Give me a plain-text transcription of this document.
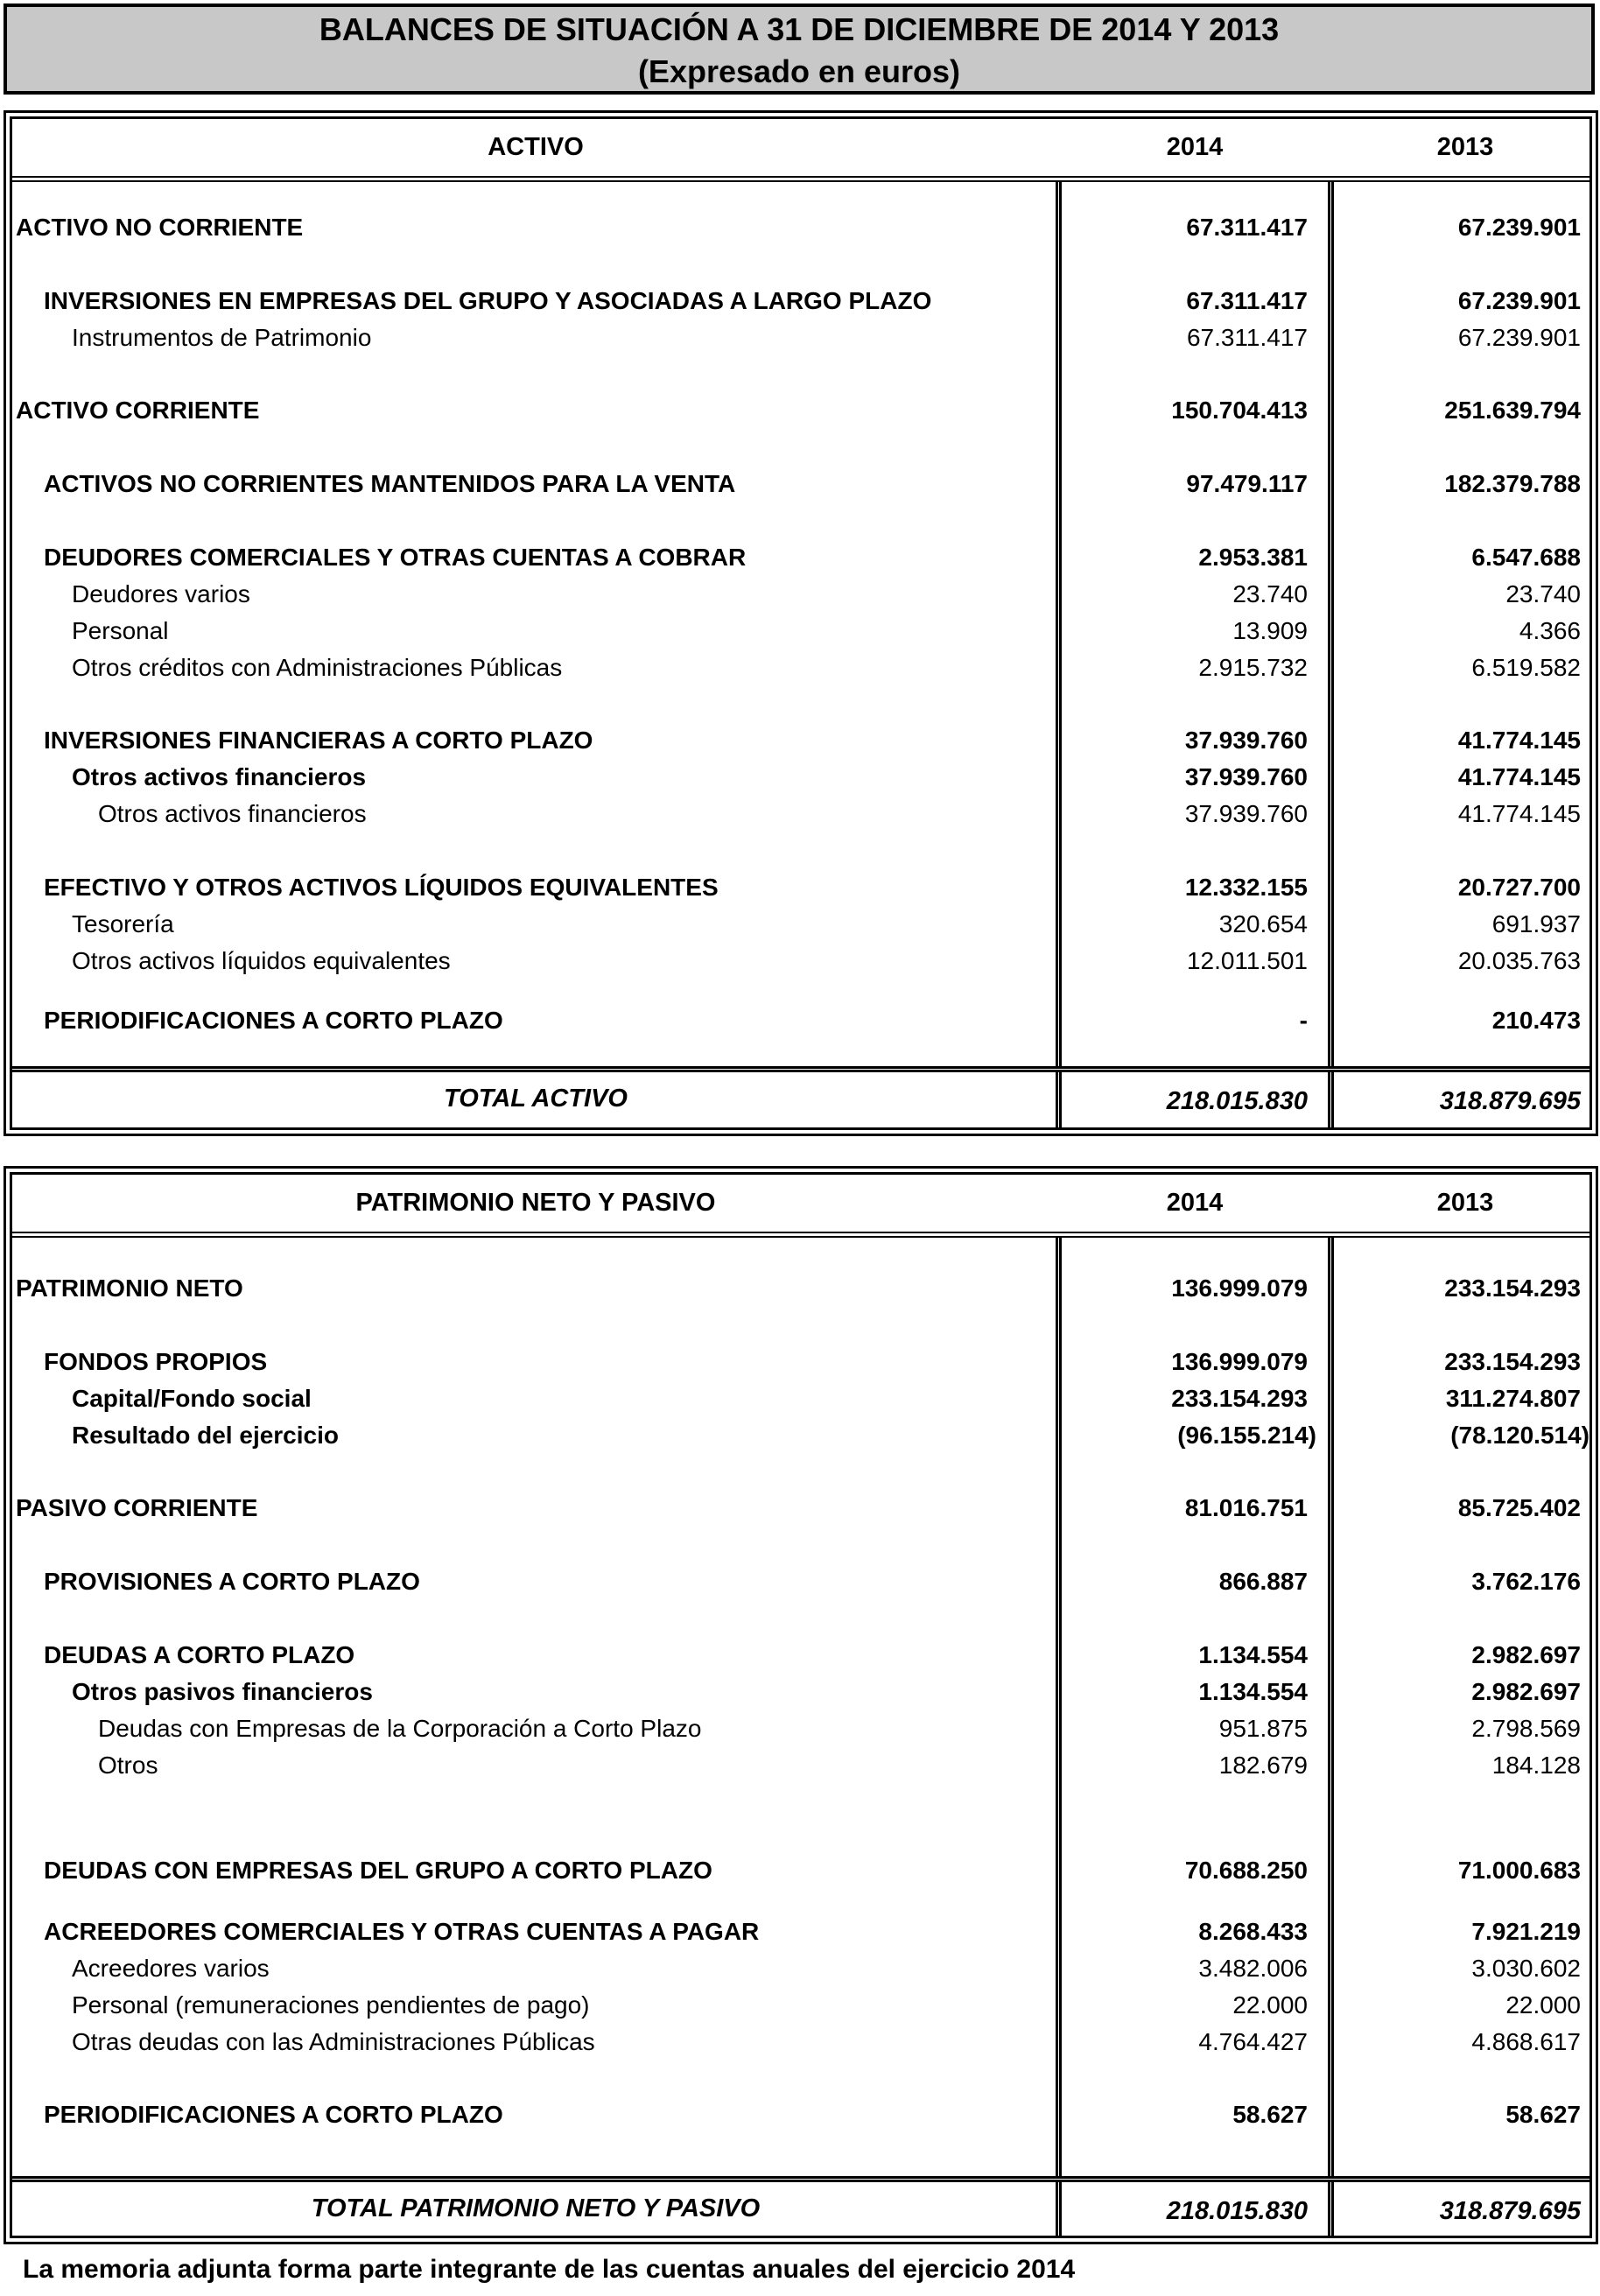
BALANCES DE SITUACIÓN A 31 DE DICIEMBRE DE 2014 Y 2013
(Expresado en euros)
ACTIVO	2014	2013
ACTIVO NO CORRIENTE	67.311.417	67.239.901
INVERSIONES EN EMPRESAS DEL GRUPO Y ASOCIADAS A LARGO PLAZO	67.311.417	67.239.901
Instrumentos de Patrimonio	67.311.417	67.239.901
ACTIVO CORRIENTE	150.704.413	251.639.794
ACTIVOS NO CORRIENTES MANTENIDOS PARA LA VENTA	97.479.117	182.379.788
DEUDORES COMERCIALES Y OTRAS CUENTAS A COBRAR	2.953.381	6.547.688
Deudores varios	23.740	23.740
Personal	13.909	4.366
Otros créditos con Administraciones Públicas	2.915.732	6.519.582
INVERSIONES FINANCIERAS A CORTO PLAZO	37.939.760	41.774.145
Otros activos financieros	37.939.760	41.774.145
Otros activos financieros	37.939.760	41.774.145
EFECTIVO Y OTROS ACTIVOS LÍQUIDOS EQUIVALENTES	12.332.155	20.727.700
Tesorería	320.654	691.937
Otros activos líquidos equivalentes	12.011.501	20.035.763
PERIODIFICACIONES A CORTO PLAZO	-	210.473
TOTAL ACTIVO	218.015.830	318.879.695
PATRIMONIO NETO Y PASIVO	2014	2013
PATRIMONIO NETO	136.999.079	233.154.293
FONDOS PROPIOS	136.999.079	233.154.293
Capital/Fondo social	233.154.293	311.274.807
Resultado del ejercicio	(96.155.214)	(78.120.514)
PASIVO CORRIENTE	81.016.751	85.725.402
PROVISIONES A CORTO PLAZO	866.887	3.762.176
DEUDAS A CORTO PLAZO	1.134.554	2.982.697
Otros pasivos financieros	1.134.554	2.982.697
Deudas con Empresas de la Corporación a Corto Plazo	951.875	2.798.569
Otros	182.679	184.128
DEUDAS CON EMPRESAS DEL GRUPO A CORTO PLAZO	70.688.250	71.000.683
ACREEDORES COMERCIALES Y OTRAS CUENTAS A PAGAR	8.268.433	7.921.219
Acreedores varios	3.482.006	3.030.602
Personal (remuneraciones pendientes de pago)	22.000	22.000
Otras deudas con las Administraciones Públicas	4.764.427	4.868.617
PERIODIFICACIONES A CORTO PLAZO	58.627	58.627
TOTAL PATRIMONIO NETO Y PASIVO	218.015.830	318.879.695
La memoria adjunta forma parte integrante de las cuentas anuales del ejercicio 2014
